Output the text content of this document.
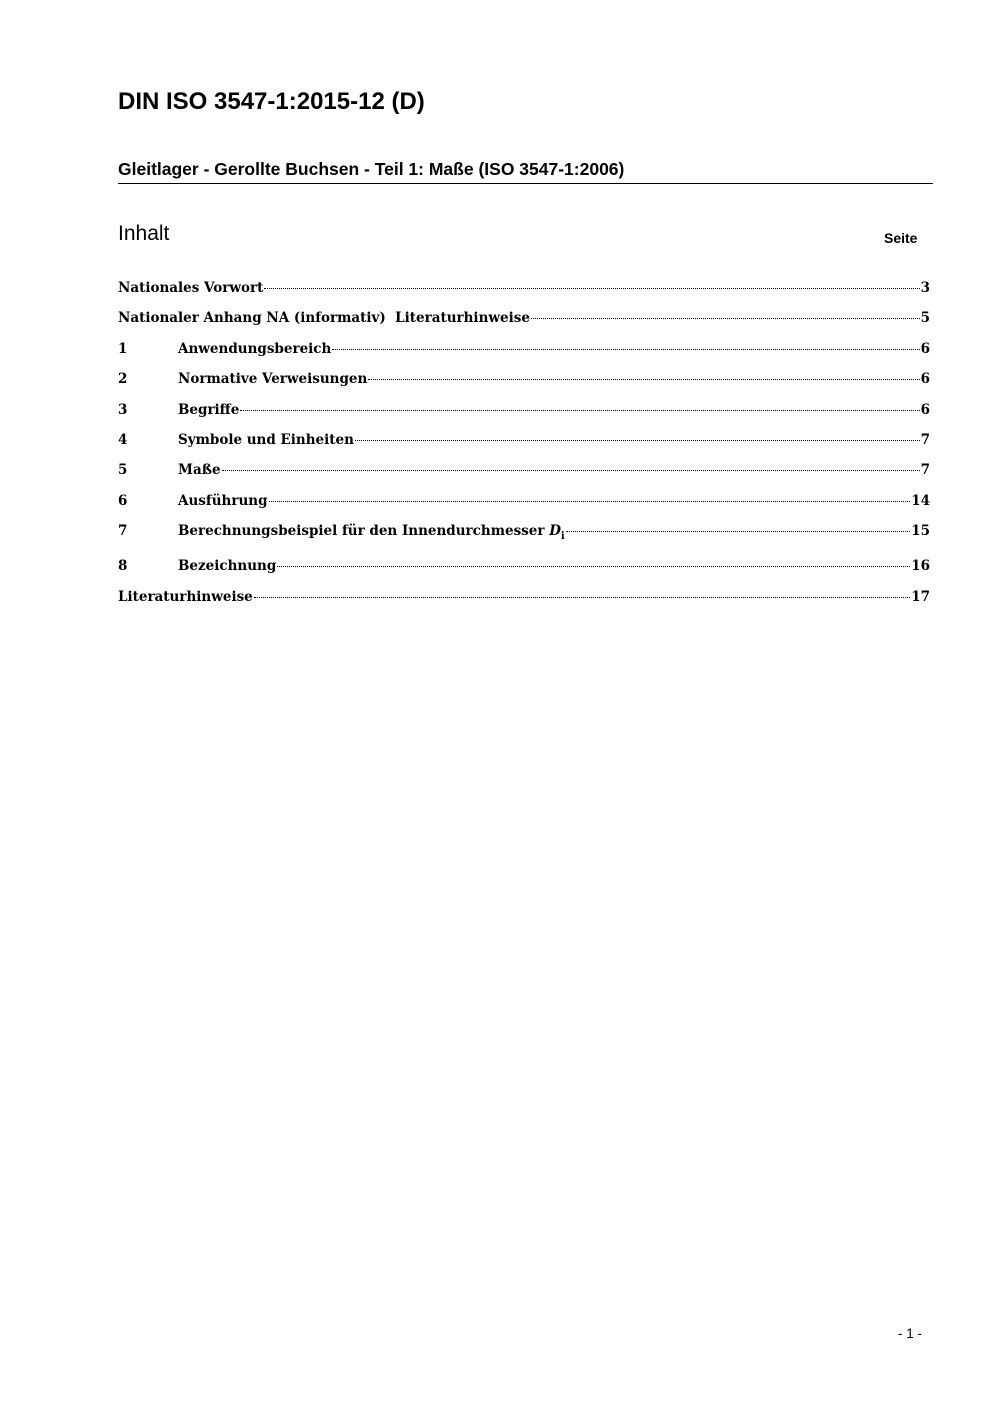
DIN ISO 3547-1:2015-12 (D)
Gleitlager - Gerollte Buchsen - Teil 1: Maße (ISO 3547-1:2006)
Inhalt	Seite
Nationales Vorwort	3
Nationaler Anhang NA (informativ)  Literaturhinweise	5
1	Anwendungsbereich	6
2	Normative Verweisungen	6
3	Begriffe	6
4	Symbole und Einheiten	7
5	Maße	7
6	Ausführung	14
7	Berechnungsbeispiel für den Innendurchmesser $D_i$	15
8	Bezeichnung	16
Literaturhinweise	17
- 1 -
